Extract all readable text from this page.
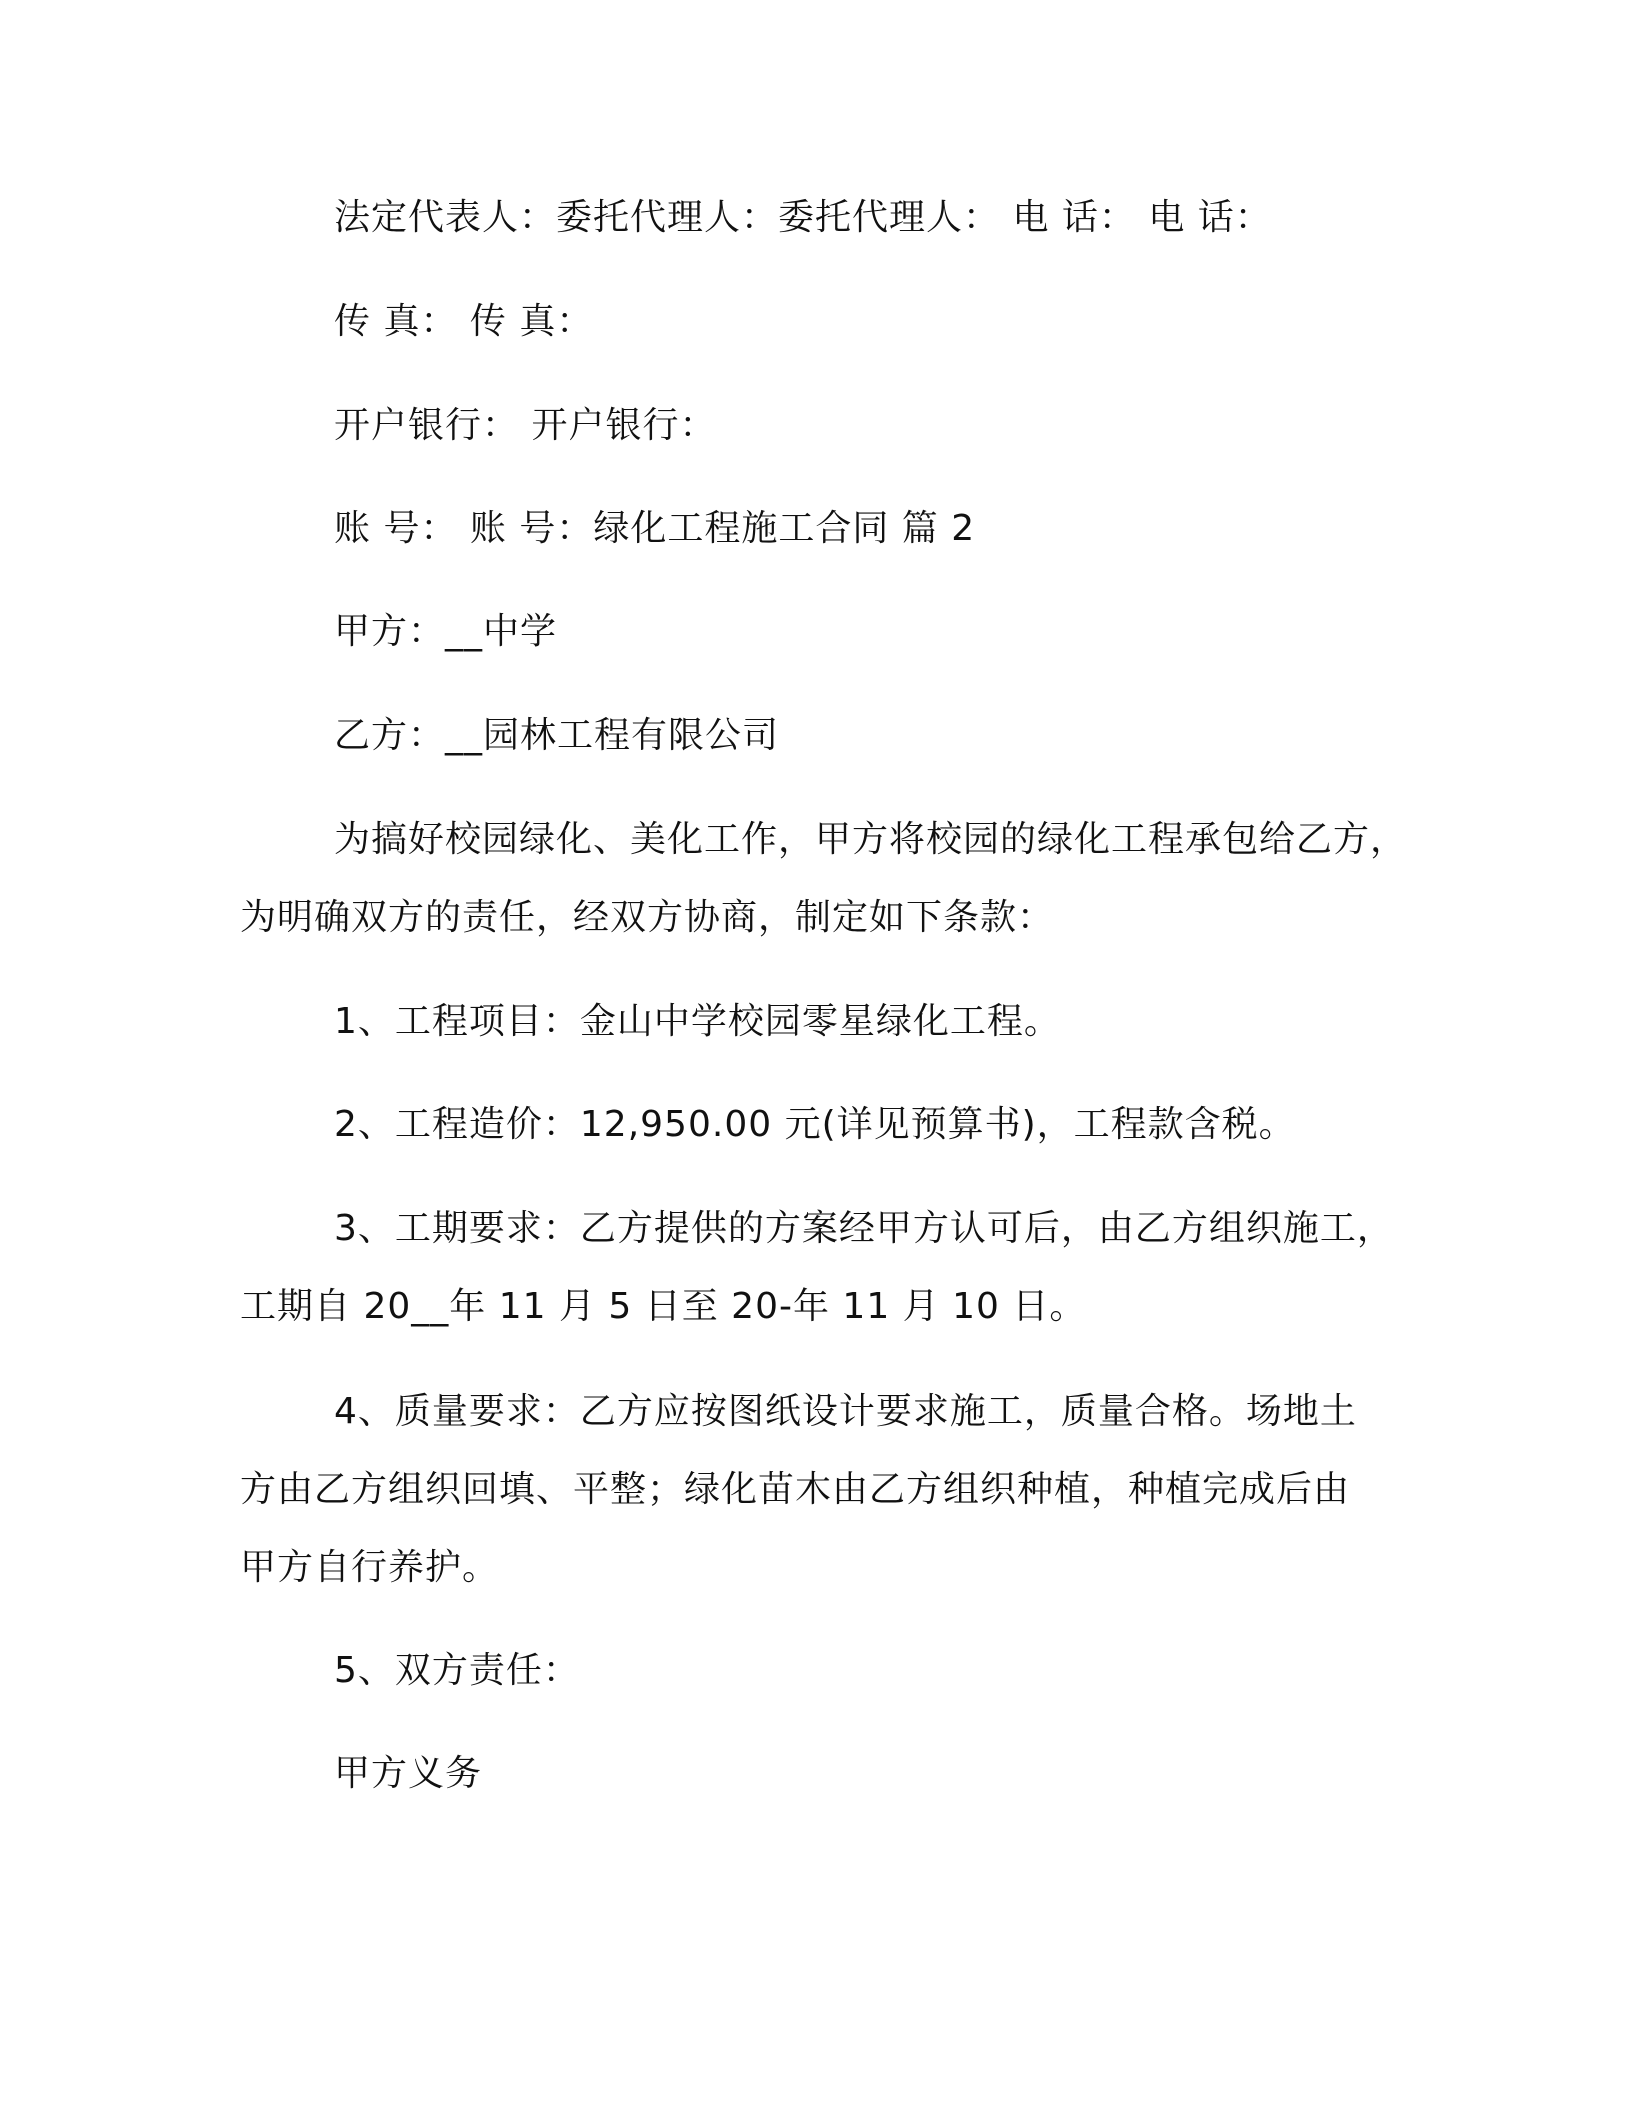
法定代表人：委托代理人：委托代理人： 电 话： 电 话：
传 真： 传 真：
开户银行： 开户银行：
账 号： 账 号：绿化工程施工合同 篇 2
甲方：__中学
乙方：__园林工程有限公司
为搞好校园绿化、美化工作，甲方将校园的绿化工程承包给乙方，
为明确双方的责任，经双方协商，制定如下条款：
1、工程项目：金山中学校园零星绿化工程。
2、工程造价：12,950.00 元(详见预算书)，工程款含税。
3、工期要求：乙方提供的方案经甲方认可后，由乙方组织施工，
工期自 20__年 11 月 5 日至 20-年 11 月 10 日。
4、质量要求：乙方应按图纸设计要求施工，质量合格。场地土
方由乙方组织回填、平整；绿化苗木由乙方组织种植，种植完成后由
甲方自行养护。
5、双方责任：
甲方义务
